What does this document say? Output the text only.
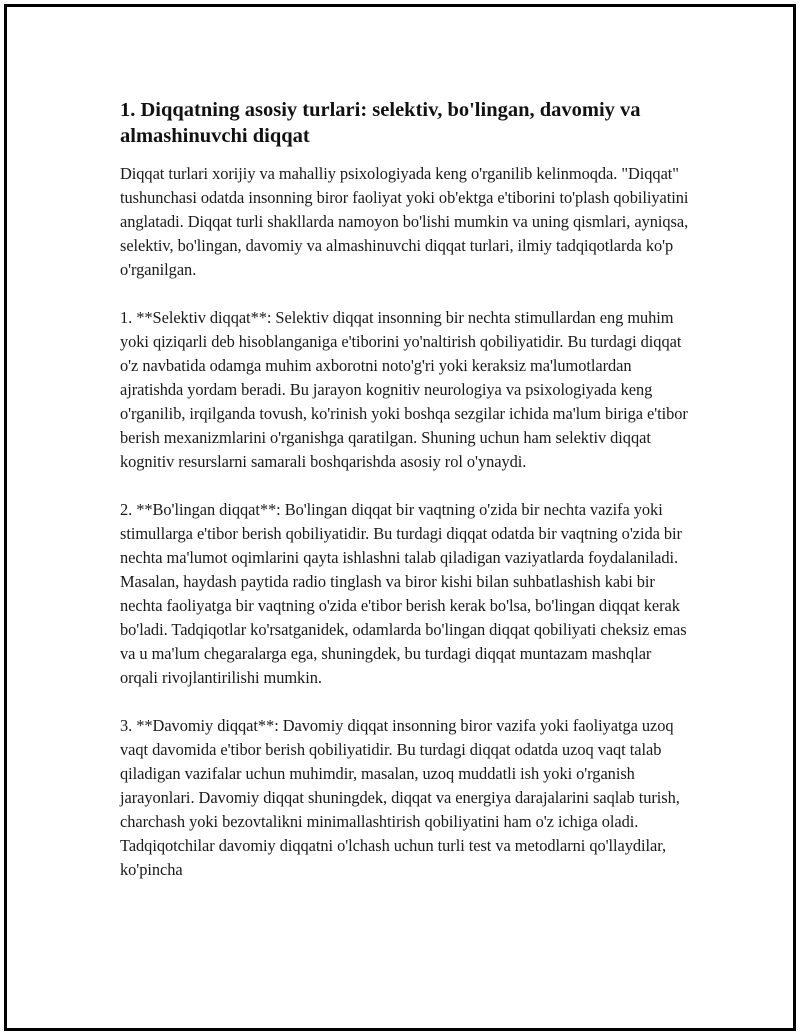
1. Diqqatning asosiy turlari: selektiv, bo'lingan, davomiy va almashinuvchi diqqat

Diqqat turlari xorijiy va mahalliy psixologiyada keng o'rganilib kelinmoqda. "Diqqat" tushunchasi odatda insonning biror faoliyat yoki ob'ektga e'tiborini to'plash qobiliyatini anglatadi. Diqqat turli shakllarda namoyon bo'lishi mumkin va uning qismlari, ayniqsa, selektiv, bo'lingan, davomiy va almashinuvchi diqqat turlari, ilmiy tadqiqotlarda ko'p o'rganilgan.

1. **Selektiv diqqat**: Selektiv diqqat insonning bir nechta stimullardan eng muhim yoki qiziqarli deb hisoblanganiga e'tiborini yo'naltirish qobiliyatidir. Bu turdagi diqqat o'z navbatida odamga muhim axborotni noto'g'ri yoki keraksiz ma'lumotlardan ajratishda yordam beradi. Bu jarayon kognitiv neurologiya va psixologiyada keng o'rganilib, irqilganda tovush, ko'rinish yoki boshqa sezgilar ichida ma'lum biriga e'tibor berish mexanizmlarini o'rganishga qaratilgan. Shuning uchun ham selektiv diqqat kognitiv resurslarni samarali boshqarishda asosiy rol o'ynaydi.

2. **Bo'lingan diqqat**: Bo'lingan diqqat bir vaqtning o'zida bir nechta vazifa yoki stimullarga e'tibor berish qobiliyatidir. Bu turdagi diqqat odatda bir vaqtning o'zida bir nechta ma'lumot oqimlarini qayta ishlashni talab qiladigan vaziyatlarda foydalaniladi. Masalan, haydash paytida radio tinglash va biror kishi bilan suhbatlashish kabi bir nechta faoliyatga bir vaqtning o'zida e'tibor berish kerak bo'lsa, bo'lingan diqqat kerak bo'ladi. Tadqiqotlar ko'rsatganidek, odamlarda bo'lingan diqqat qobiliyati cheksiz emas va u ma'lum chegaralarga ega, shuningdek, bu turdagi diqqat muntazam mashqlar orqali rivojlantirilishi mumkin.

3. **Davomiy diqqat**: Davomiy diqqat insonning biror vazifa yoki faoliyatga uzoq vaqt davomida e'tibor berish qobiliyatidir. Bu turdagi diqqat odatda uzoq vaqt talab qiladigan vazifalar uchun muhimdir, masalan, uzoq muddatli ish yoki o'rganish jarayonlari. Davomiy diqqat shuningdek, diqqat va energiya darajalarini saqlab turish, charchash yoki bezovtalikni minimallashtirish qobiliyatini ham o'z ichiga oladi. Tadqiqotchilar davomiy diqqatni o'lchash uchun turli test va metodlarni qo'llaydilar, ko'pincha
